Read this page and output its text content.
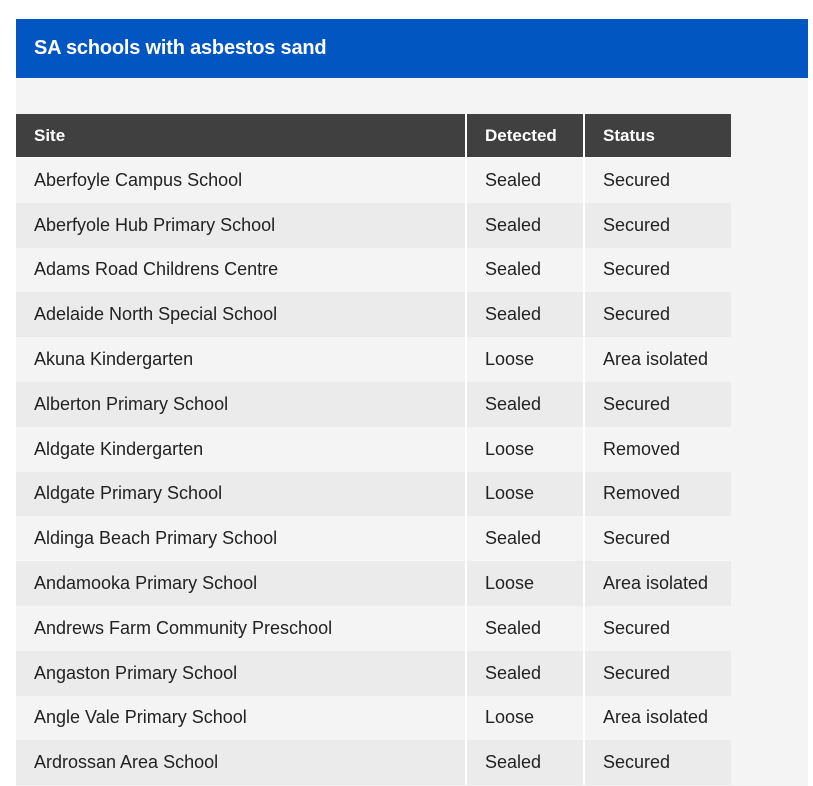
SA schools with asbestos sand
Site	Detected	Status
Aberfoyle Campus School	Sealed	Secured
Aberfyole Hub Primary School	Sealed	Secured
Adams Road Childrens Centre	Sealed	Secured
Adelaide North Special School	Sealed	Secured
Akuna Kindergarten	Loose	Area isolated
Alberton Primary School	Sealed	Secured
Aldgate Kindergarten	Loose	Removed
Aldgate Primary School	Loose	Removed
Aldinga Beach Primary School	Sealed	Secured
Andamooka Primary School	Loose	Area isolated
Andrews Farm Community Preschool	Sealed	Secured
Angaston Primary School	Sealed	Secured
Angle Vale Primary School	Loose	Area isolated
Ardrossan Area School	Sealed	Secured
